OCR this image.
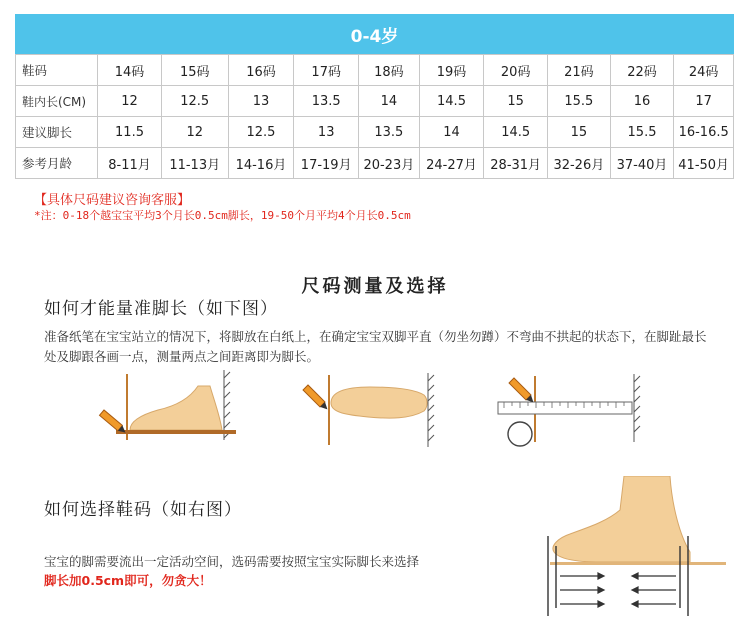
0-4岁
鞋码	14码	15码	16码	17码	18码	19码	20码	21码	22码	24码
鞋内长(CM)	12	12.5	13	13.5	14	14.5	15	15.5	16	17
建议脚长	11.5	12	12.5	13	13.5	14	14.5	15	15.5	16-16.5
参考月龄	8-11月	11-13月	14-16月	17-19月	20-23月	24-27月	28-31月	32-26月	37-40月	41-50月
【具体尺码建议咨询客服】
*注：0-18个越宝宝平均3个月长0.5cm脚长，19-50个月平均4个月长0.5cm
尺码测量及选择
如何才能量准脚长（如下图）
准备纸笔在宝宝站立的情况下，将脚放在白纸上，在确定宝宝双脚平直（勿坐勿蹲）不弯曲不拱起的状态下，在脚趾最长处及脚跟各画一点，测量两点之间距离即为脚长。
如何选择鞋码（如右图）
宝宝的脚需要流出一定活动空间，选码需要按照宝宝实际脚长来选择
脚长加0.5cm即可，勿贪大！
